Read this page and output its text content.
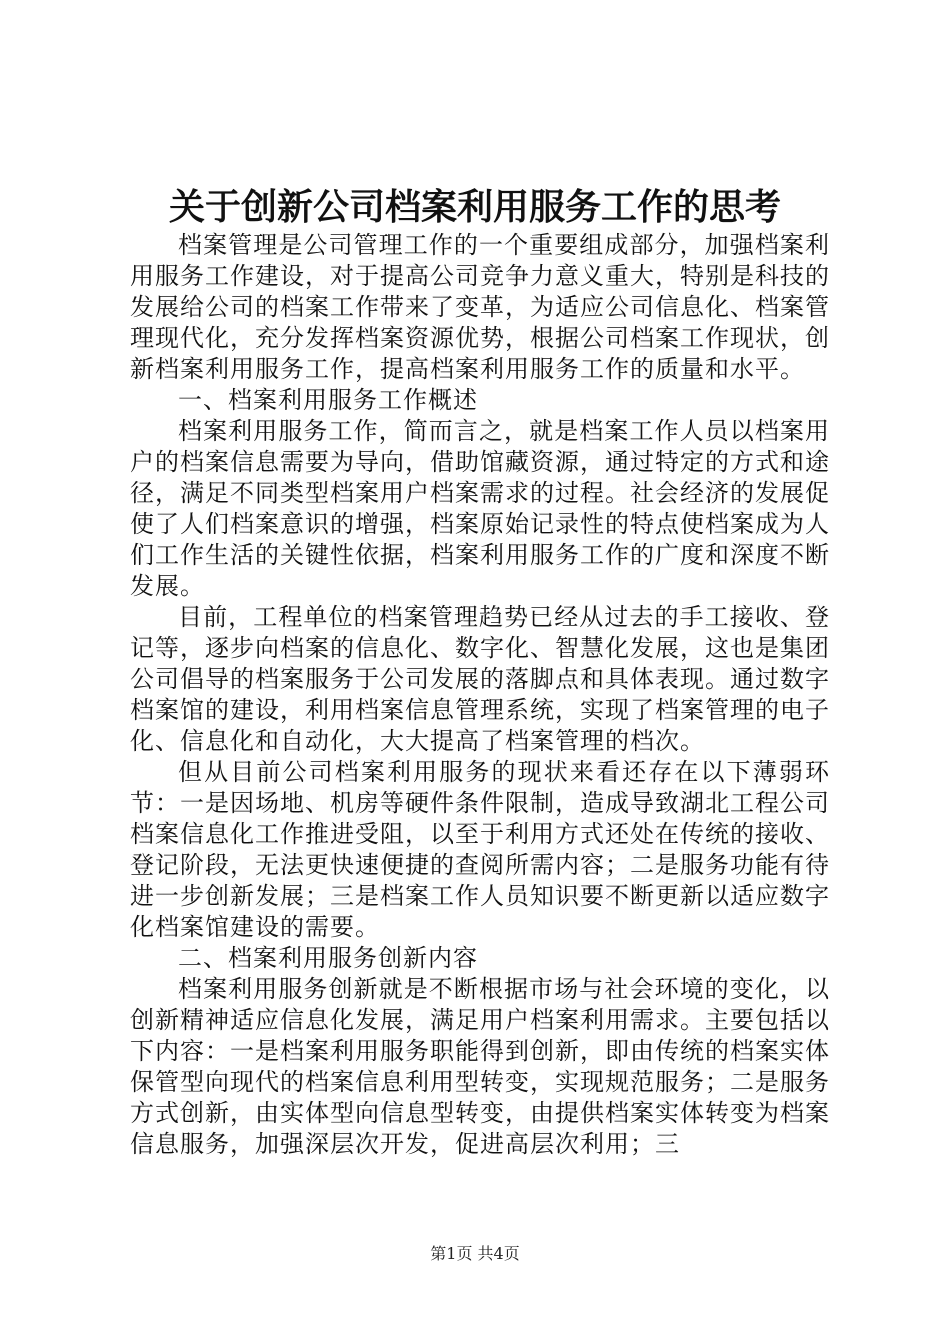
关于创新公司档案利用服务工作的思考

档案管理是公司管理工作的一个重要组成部分，加强档案利用服务工作建设，对于提高公司竞争力意义重大，特别是科技的发展给公司的档案工作带来了变革，为适应公司信息化、档案管理现代化，充分发挥档案资源优势，根据公司档案工作现状，创新档案利用服务工作，提高档案利用服务工作的质量和水平。

一、档案利用服务工作概述

档案利用服务工作，简而言之，就是档案工作人员以档案用户的档案信息需要为导向，借助馆藏资源，通过特定的方式和途径，满足不同类型档案用户档案需求的过程。社会经济的发展促使了人们档案意识的增强，档案原始记录性的特点使档案成为人们工作生活的关键性依据，档案利用服务工作的广度和深度不断发展。

目前，工程单位的档案管理趋势已经从过去的手工接收、登记等，逐步向档案的信息化、数字化、智慧化发展，这也是集团公司倡导的档案服务于公司发展的落脚点和具体表现。通过数字档案馆的建设，利用档案信息管理系统，实现了档案管理的电子化、信息化和自动化，大大提高了档案管理的档次。

但从目前公司档案利用服务的现状来看还存在以下薄弱环节：一是因场地、机房等硬件条件限制，造成导致湖北工程公司档案信息化工作推进受阻，以至于利用方式还处在传统的接收、登记阶段，无法更快速便捷的查阅所需内容；二是服务功能有待进一步创新发展；三是档案工作人员知识要不断更新以适应数字化档案馆建设的需要。

二、档案利用服务创新内容

档案利用服务创新就是不断根据市场与社会环境的变化，以创新精神适应信息化发展，满足用户档案利用需求。主要包括以下内容：一是档案利用服务职能得到创新，即由传统的档案实体保管型向现代的档案信息利用型转变，实现规范服务；二是服务方式创新，由实体型向信息型转变，由提供档案实体转变为档案信息服务，加强深层次开发，促进高层次利用；三

第1页 共4页
